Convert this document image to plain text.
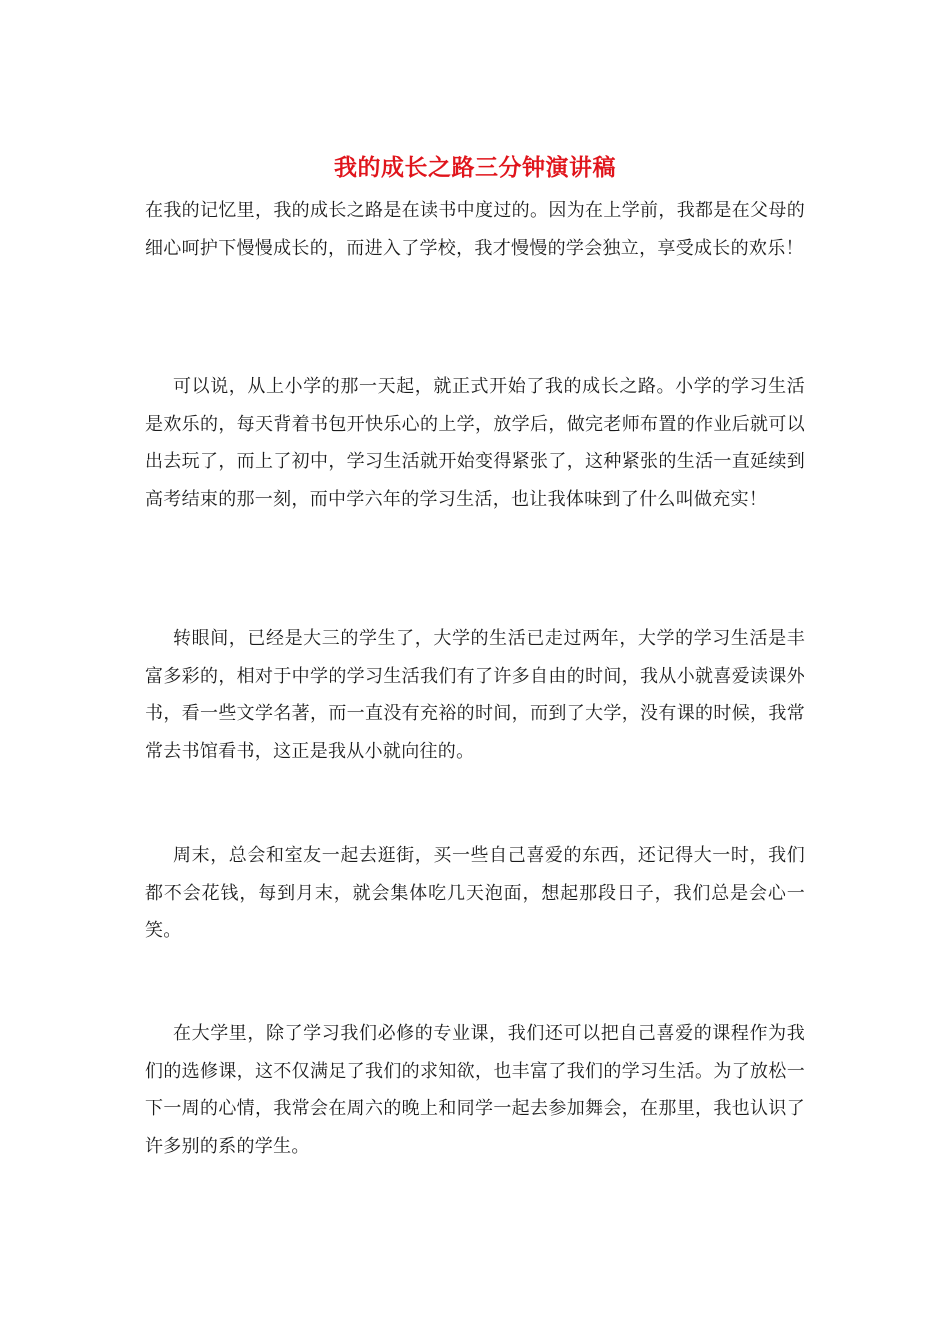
我的成长之路三分钟演讲稿

在我的记忆里，我的成长之路是在读书中度过的。因为在上学前，我都是在父母的细心呵护下慢慢成长的，而进入了学校，我才慢慢的学会独立，享受成长的欢乐！

可以说，从上小学的那一天起，就正式开始了我的成长之路。小学的学习生活是欢乐的，每天背着书包开快乐心的上学，放学后，做完老师布置的作业后就可以出去玩了，而上了初中，学习生活就开始变得紧张了，这种紧张的生活一直延续到高考结束的那一刻，而中学六年的学习生活，也让我体味到了什么叫做充实！

转眼间，已经是大三的学生了，大学的生活已走过两年，大学的学习生活是丰富多彩的，相对于中学的学习生活我们有了许多自由的时间，我从小就喜爱读课外书，看一些文学名著，而一直没有充裕的时间，而到了大学，没有课的时候，我常常去书馆看书，这正是我从小就向往的。

周末，总会和室友一起去逛街，买一些自己喜爱的东西，还记得大一时，我们都不会花钱，每到月末，就会集体吃几天泡面，想起那段日子，我们总是会心一笑。

在大学里，除了学习我们必修的专业课，我们还可以把自己喜爱的课程作为我们的选修课，这不仅满足了我们的求知欲，也丰富了我们的学习生活。为了放松一下一周的心情，我常会在周六的晚上和同学一起去参加舞会，在那里，我也认识了许多别的系的学生。
